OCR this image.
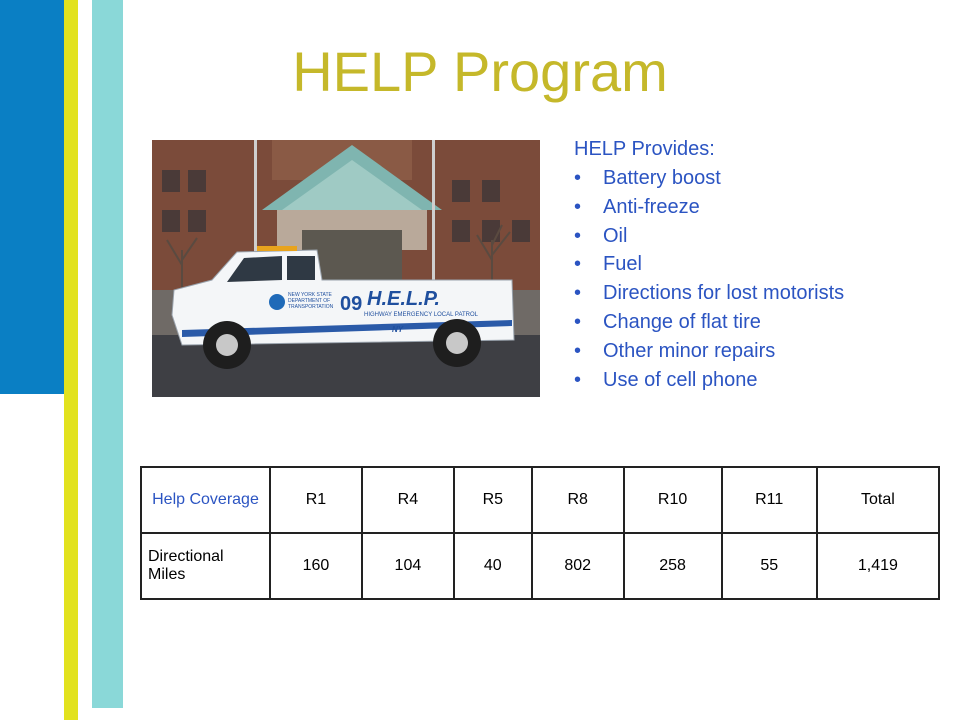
HELP Program
H.E.L.P.
HIGHWAY EMERGENCY LOCAL PATROL
09
NEW YORK STATE
DEPARTMENT OF
TRANSPORTATION
NY
HELP Provides:
• Battery boost
• Anti-freeze
• Oil
• Fuel
• Directions for lost motorists
• Change of flat tire
• Other minor repairs
• Use of cell phone
Help Coverage	R1	R4	R5	R8	R10	R11	Total
Directional Miles	160	104	40	802	258	55	1,419
